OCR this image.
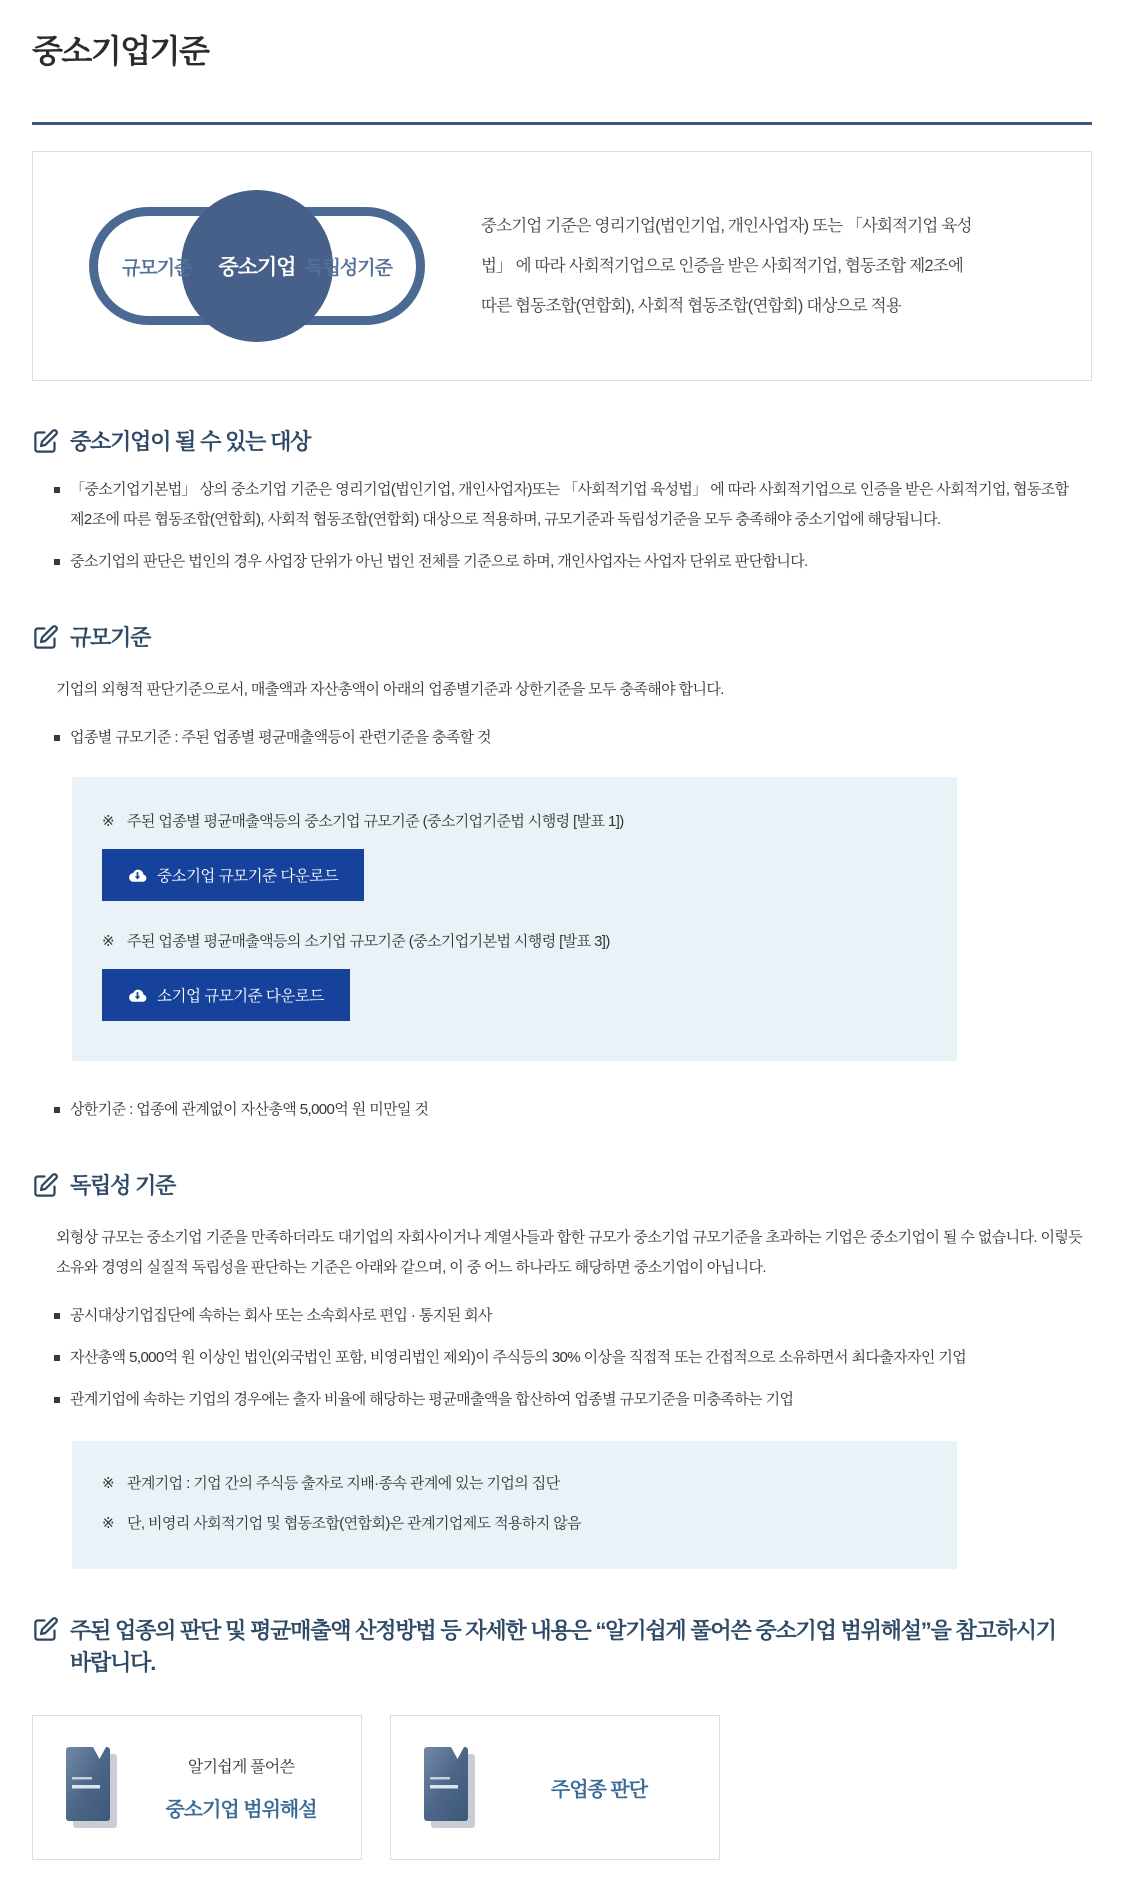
중소기업기준
규모기준 중소기업 독립성기준

중소기업 기준은 영리기업(법인기업, 개인사업자) 또는 「사회적기업 육성법」 에 따라 사회적기업으로 인증을 받은 사회적기업, 협동조합 제2조에 따른 협동조합(연합회), 사회적 협동조합(연합회) 대상으로 적용

중소기업이 될 수 있는 대상
「중소기업기본법」 상의 중소기업 기준은 영리기업(법인기업, 개인사업자)또는 「사회적기업 육성법」 에 따라 사회적기업으로 인증을 받은 사회적기업, 협동조합 제2조에 따른 협동조합(연합회), 사회적 협동조합(연합회) 대상으로 적용하며, 규모기준과 독립성기준을 모두 충족해야 중소기업에 해당됩니다.
중소기업의 판단은 법인의 경우 사업장 단위가 아닌 법인 전체를 기준으로 하며, 개인사업자는 사업자 단위로 판단합니다.
규모기준

기업의 외형적 판단기준으로서, 매출액과 자산총액이 아래의 업종별기준과 상한기준을 모두 충족해야 합니다.

업종별 규모기준 : 주된 업종별 평균매출액등이 관련기준을 충족할 것
※ 주된 업종별 평균매출액등의 중소기업 규모기준 (중소기업기준법 시행령 [발표 1])
중소기업 규모기준 다운로드
※ 주된 업종별 평균매출액등의 소기업 규모기준 (중소기업기본법 시행령 [발표 3])
소기업 규모기준 다운로드
상한기준 : 업종에 관계없이 자산총액 5,000억 원 미만일 것
독립성 기준

외형상 규모는 중소기업 기준을 만족하더라도 대기업의 자회사이거나 계열사들과 합한 규모가 중소기업 규모기준을 초과하는 기업은 중소기업이 될 수 없습니다. 이렇듯 소유와 경영의 실질적 독립성을 판단하는 기준은 아래와 같으며, 이 중 어느 하나라도 해당하면 중소기업이 아닙니다.

공시대상기업집단에 속하는 회사 또는 소속회사로 편입 · 통지된 회사
자산총액 5,000억 원 이상인 법인(외국법인 포함, 비영리법인 제외)이 주식등의 30% 이상을 직접적 또는 간접적으로 소유하면서 최다출자자인 기업
관계기업에 속하는 기업의 경우에는 출자 비율에 해당하는 평균매출액을 합산하여 업종별 규모기준을 미충족하는 기업
※ 관계기업 : 기업 간의 주식등 출자로 지배·종속 관계에 있는 기업의 집단
※ 단, 비영리 사회적기업 및 협동조합(연합회)은 관계기업제도 적용하지 않음
주된 업종의 판단 및 평균매출액 산정방법 등 자세한 내용은 “알기쉽게 풀어쓴 중소기업 범위해설”을 참고하시기 바랍니다.
알기쉽게 풀어쓴
중소기업 범위해설
주업종 판단
